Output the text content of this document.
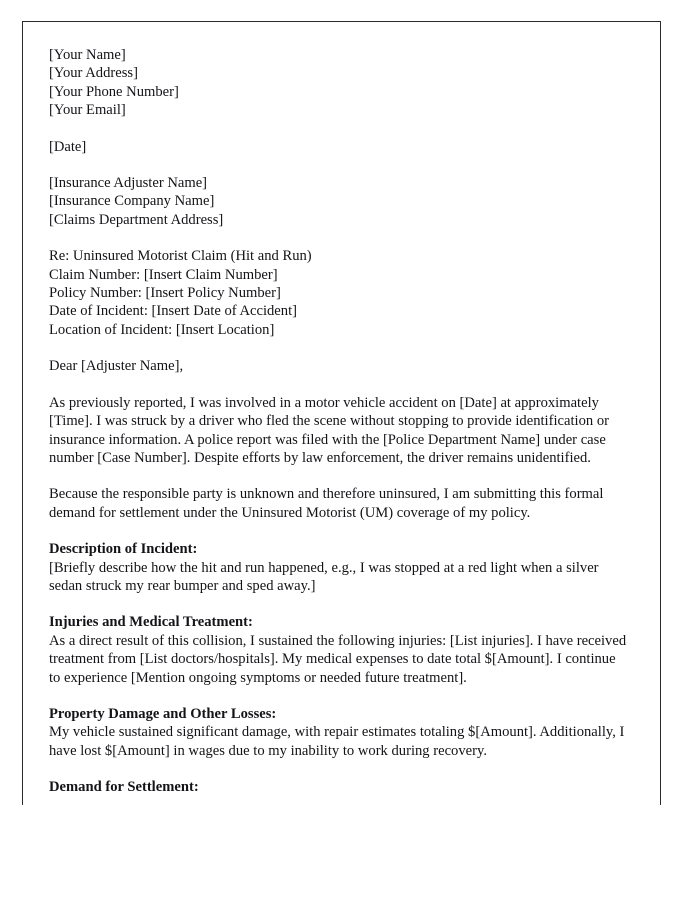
[Your Name]
[Your Address]
[Your Phone Number]
[Your Email]
[Date]
[Insurance Adjuster Name]
[Insurance Company Name]
[Claims Department Address]
Re: Uninsured Motorist Claim (Hit and Run)
Claim Number: [Insert Claim Number]
Policy Number: [Insert Policy Number]
Date of Incident: [Insert Date of Accident]
Location of Incident: [Insert Location]
Dear [Adjuster Name],

As previously reported, I was involved in a motor vehicle accident on [Date] at approximately [Time]. I was struck by a driver who fled the scene without stopping to provide identification or insurance information. A police report was filed with the [Police Department Name] under case number [Case Number]. Despite efforts by law enforcement, the driver remains unidentified.

Because the responsible party is unknown and therefore uninsured, I am submitting this formal demand for settlement under the Uninsured Motorist (UM) coverage of my policy.

Description of Incident:

[Briefly describe how the hit and run happened, e.g., I was stopped at a red light when a silver sedan struck my rear bumper and sped away.]

Injuries and Medical Treatment:

As a direct result of this collision, I sustained the following injuries: [List injuries]. I have received treatment from [List doctors/hospitals]. My medical expenses to date total $[Amount]. I continue to experience [Mention ongoing symptoms or needed future treatment].

Property Damage and Other Losses:

My vehicle sustained significant damage, with repair estimates totaling $[Amount]. Additionally, I have lost $[Amount] in wages due to my inability to work during recovery.

Demand for Settlement:
